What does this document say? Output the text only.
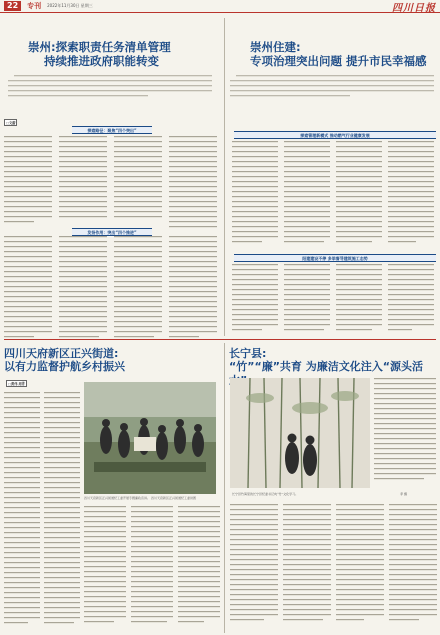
22	专刊 2022年11月30日 星期三	四川日报
崇州:探索职责任务清单管理
持续推进政府职能转变
□文蔚
探索路径：聚焦“四个突出”
发扬作用：突出“四个推进”
崇州住建:
专项治理突出问题 提升市民幸福感
探索管理新模式 推动燃气行业健康发展
阳建建设不停 多举督导建筑施工态势
四川天府新区正兴街道:
以有力监督护航乡村振兴
□黄伟 周青
四川天府新区正兴街道纪工委开展专题廉政宣讲。 四川天府新区正兴街道纪工委供图
长宁县:
“竹”“廉”共育 为廉洁文化注入“源头活
长宁县竹海里的长宁县纪委书记向“竹”文化学习。	季 摄
